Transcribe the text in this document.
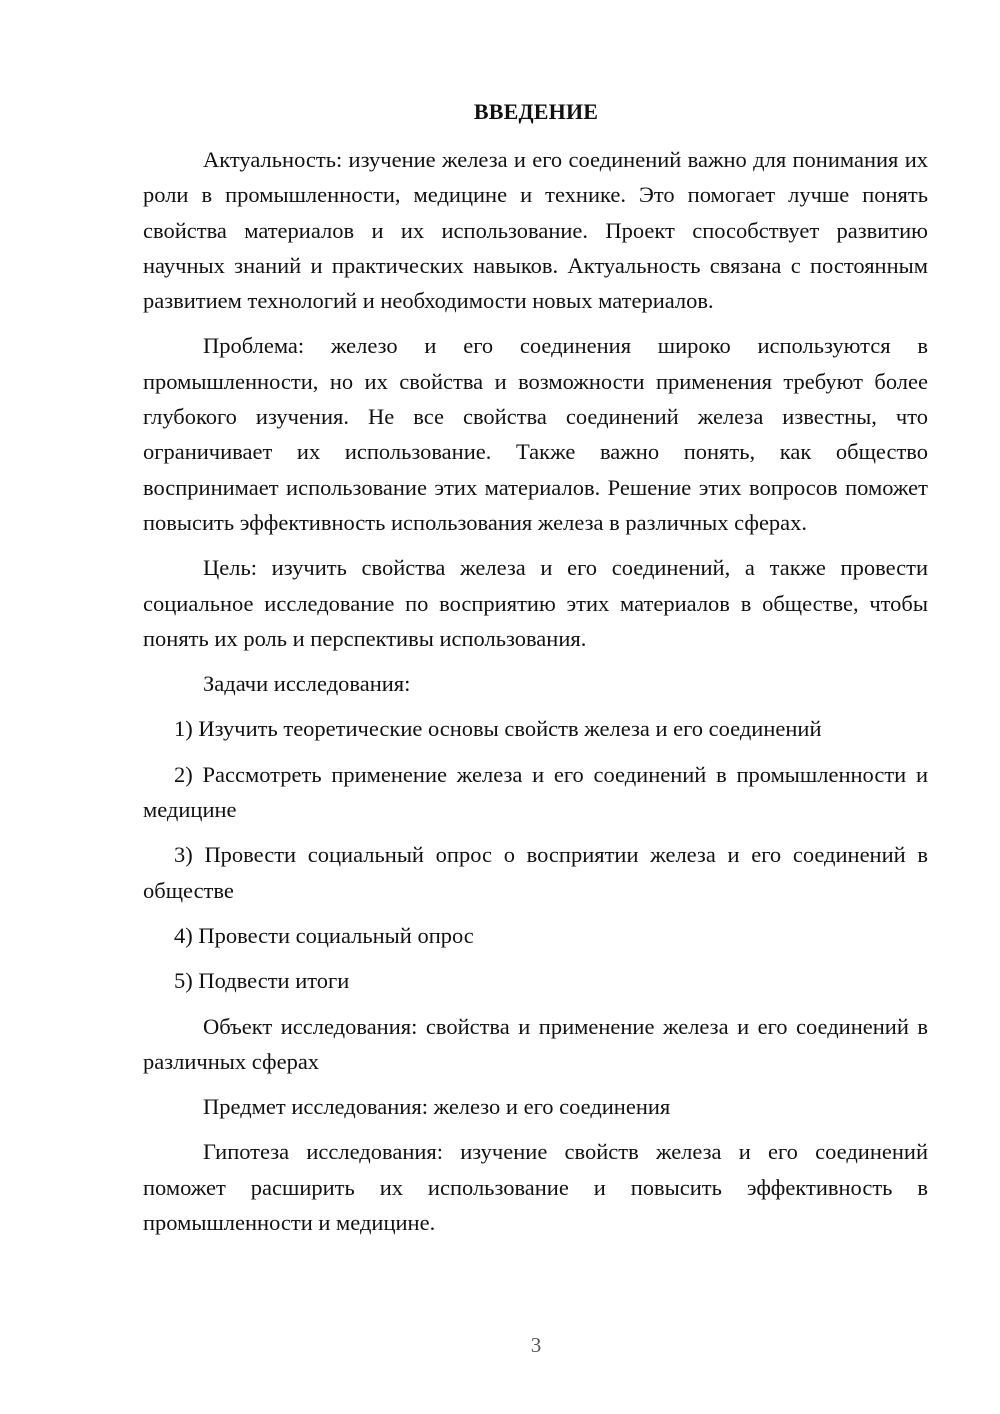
ВВЕДЕНИЕ

Актуальность: изучение железа и его соединений важно для понимания их роли в промышленности, медицине и технике. Это помогает лучше понять свойства материалов и их использование. Проект способствует развитию научных знаний и практических навыков. Актуальность связана с постоянным развитием технологий и необходимости новых материалов.

Проблема: железо и его соединения широко используются в промышленности, но их свойства и возможности применения требуют более глубокого изучения. Не все свойства соединений железа известны, что ограничивает их использование. Также важно понять, как общество воспринимает использование этих материалов. Решение этих вопросов поможет повысить эффективность использования железа в различных сферах.

Цель: изучить свойства железа и его соединений, а также провести социальное исследование по восприятию этих материалов в обществе, чтобы понять их роль и перспективы использования.

Задачи исследования:

1) Изучить теоретические основы свойств железа и его соединений

2) Рассмотреть применение железа и его соединений в промышленности и медицине

3) Провести социальный опрос о восприятии железа и его соединений в обществе

4) Провести социальный опрос

5) Подвести итоги

Объект исследования: свойства и применение железа и его соединений в различных сферах

Предмет исследования: железо и его соединения

Гипотеза исследования: изучение свойств железа и его соединений поможет расширить их использование и повысить эффективность в промышленности и медицине.

3
